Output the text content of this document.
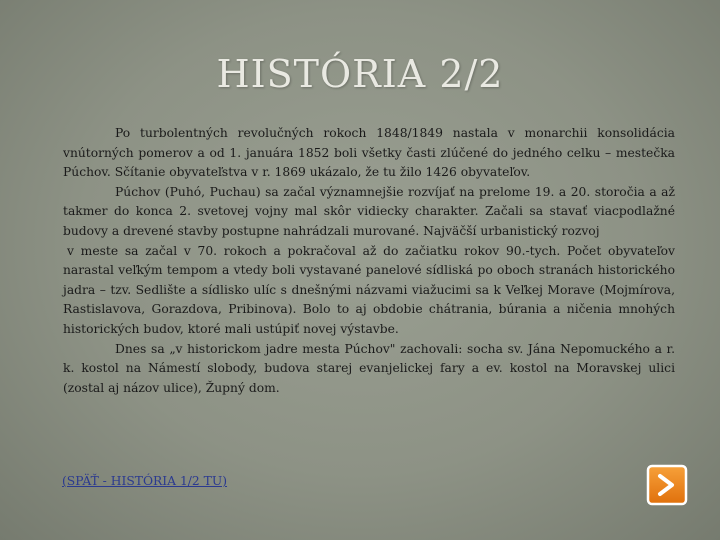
HISTÓRIA 2/2

Po turbolentných revolučných rokoch 1848/1849 nastala v monarchii konsolidácia vnútorných pomerov a od 1. januára 1852 boli všetky časti zlúčené do jedného celku – mestečka Púchov. Sčítanie obyvateľstva v r. 1869 ukázalo, že tu žilo 1426 obyvateľov.

Púchov (Puhó, Puchau) sa začal významnejšie rozvíjať na prelome 19. a 20. storočia a až takmer do konca 2. svetovej vojny mal skôr vidiecky charakter. Začali sa stavať viacpodlažné budovy a drevené stavby postupne nahrádzali murované. Najväčší urbanistický rozvoj

v meste sa začal v 70. rokoch a pokračoval až do začiatku rokov 90.-tych. Počet obyvateľov narastal veľkým tempom a vtedy boli vystavané panelové sídliská po oboch stranách historického jadra – tzv. Sedlište a sídlisko ulíc s dnešnými názvami viažucimi sa k Veľkej Morave (Mojmírova, Rastislavova, Gorazdova, Pribinova). Bolo to aj obdobie chátrania, búrania a ničenia mnohých historických budov, ktoré mali ustúpiť novej výstavbe.

Dnes sa „v historickom jadre mesta Púchov" zachovali: socha sv. Jána Nepomuckého a r. k. kostol na Námestí slobody, budova starej evanjelickej fary a ev. kostol na Moravskej ulici (zostal aj názov ulice), Župný dom.

(SPÄŤ - HISTÓRIA 1/2 TU)
